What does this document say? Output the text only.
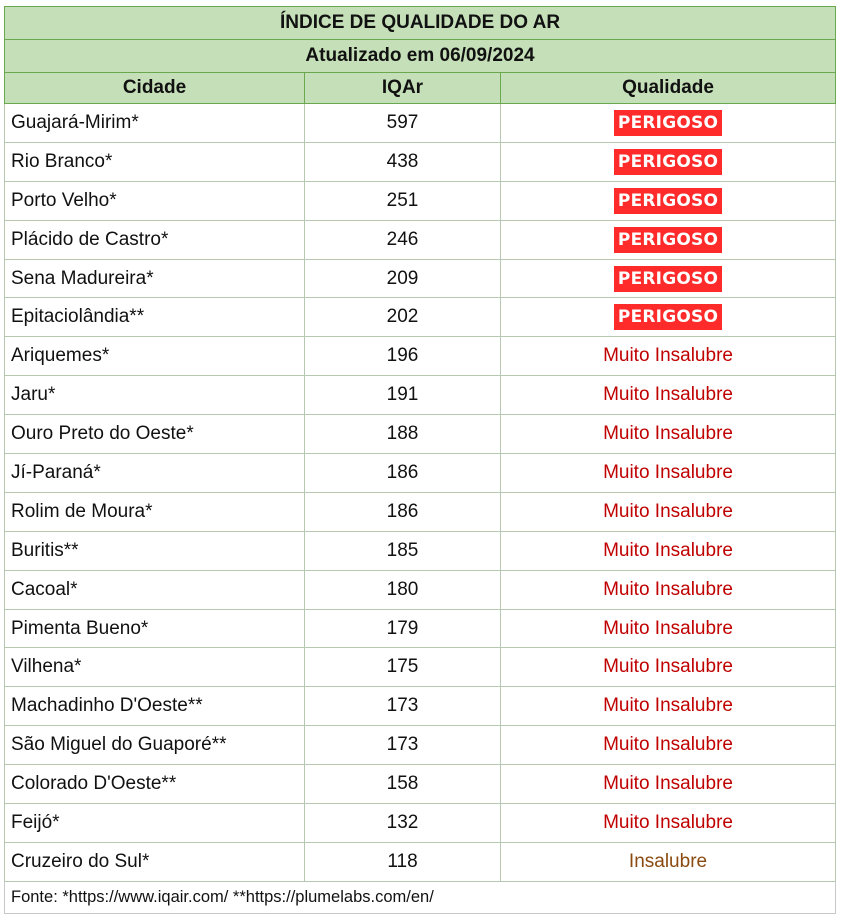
ÍNDICE DE QUALIDADE DO AR		
Atualizado em 06/09/2024		
Cidade	IQAr	Qualidade
Guajará-Mirim*	597	PERIGOSO
Rio Branco*	438	PERIGOSO
Porto Velho*	251	PERIGOSO
Plácido de Castro*	246	PERIGOSO
Sena Madureira*	209	PERIGOSO
Epitaciolândia**	202	PERIGOSO
Ariquemes*	196	Muito Insalubre
Jaru*	191	Muito Insalubre
Ouro Preto do Oeste*	188	Muito Insalubre
Jí-Paraná*	186	Muito Insalubre
Rolim de Moura*	186	Muito Insalubre
Buritis**	185	Muito Insalubre
Cacoal*	180	Muito Insalubre
Pimenta Bueno*	179	Muito Insalubre
Vilhena*	175	Muito Insalubre
Machadinho D'Oeste**	173	Muito Insalubre
São Miguel do Guaporé**	173	Muito Insalubre
Colorado D'Oeste**	158	Muito Insalubre
Feijó*	132	Muito Insalubre
Cruzeiro do Sul*	118	Insalubre
Fonte: *https://www.iqair.com/ **https://plumelabs.com/en/		
